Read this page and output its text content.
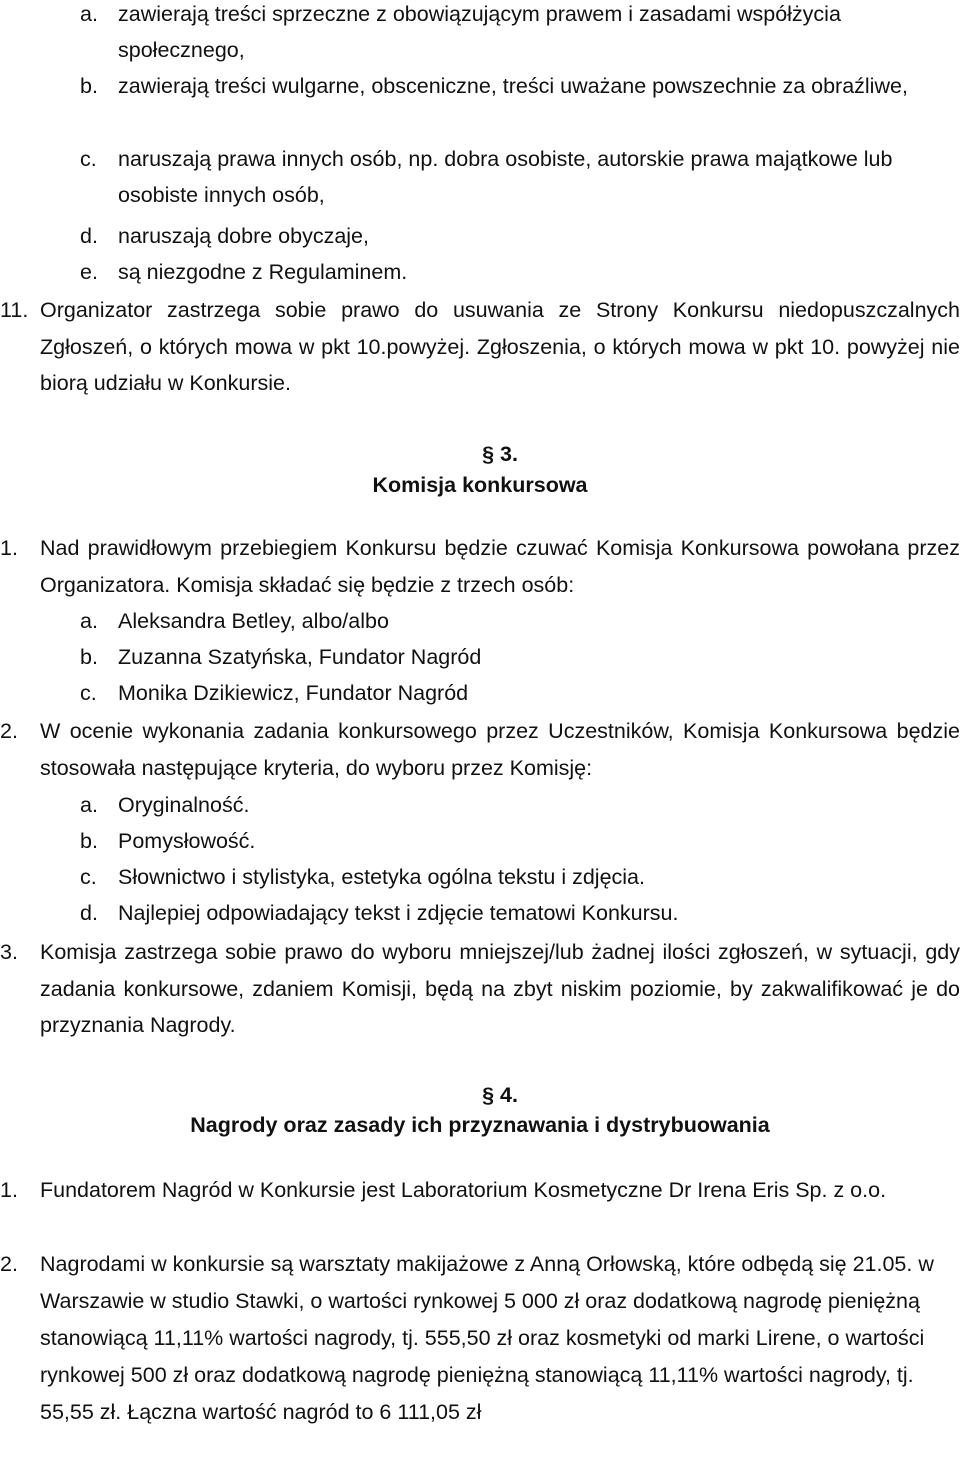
a. zawierają treści sprzeczne z obowiązującym prawem i zasadami współżycia społecznego,
b. zawierają treści wulgarne, obsceniczne, treści uważane powszechnie za obraźliwe,
c. naruszają prawa innych osób, np. dobra osobiste, autorskie prawa majątkowe lub osobiste innych osób,
d. naruszają dobre obyczaje,
e. są niezgodne z Regulaminem.
11. Organizator zastrzega sobie prawo do usuwania ze Strony Konkursu niedopuszczalnych Zgłoszeń, o których mowa w pkt 10.powyżej. Zgłoszenia, o których mowa w pkt 10. powyżej nie biorą udziału w Konkursie.
§ 3.
Komisja konkursowa
1.	Nad prawidłowym przebiegiem Konkursu będzie czuwać Komisja Konkursowa powołana przez Organizatora. Komisja składać się będzie z trzech osób:
a. Aleksandra Betley, albo/albo
b. Zuzanna Szatyńska, Fundator Nagród
c. Monika Dzikiewicz, Fundator Nagród
2.	W ocenie wykonania zadania konkursowego przez Uczestników, Komisja Konkursowa będzie stosowała następujące kryteria, do wyboru przez Komisję:
a. Oryginalność.
b. Pomysłowość.
c. Słownictwo i stylistyka, estetyka ogólna tekstu i zdjęcia.
d. Najlepiej odpowiadający tekst i zdjęcie tematowi Konkursu.
3.	Komisja zastrzega sobie prawo do wyboru mniejszej/lub żadnej ilości zgłoszeń, w sytuacji, gdy zadania konkursowe, zdaniem Komisji, będą na zbyt niskim poziomie, by zakwalifikować je do przyznania Nagrody.
§ 4.
Nagrody oraz zasady ich przyznawania i dystrybuowania
1.	Fundatorem Nagród w Konkursie jest Laboratorium Kosmetyczne Dr Irena Eris Sp. z o.o.
2.	Nagrodami w konkursie są warsztaty makijażowe z Anną Orłowską, które odbędą się 21.05. w Warszawie w studio Stawki, o wartości rynkowej 5 000 zł oraz dodatkową nagrodę pieniężną stanowiącą 11,11% wartości nagrody, tj. 555,50 zł oraz kosmetyki od marki Lirene, o wartości rynkowej 500 zł oraz dodatkową nagrodę pieniężną stanowiącą 11,11% wartości nagrody, tj. 55,55 zł. Łączna wartość nagród to 6 111,05 zł
